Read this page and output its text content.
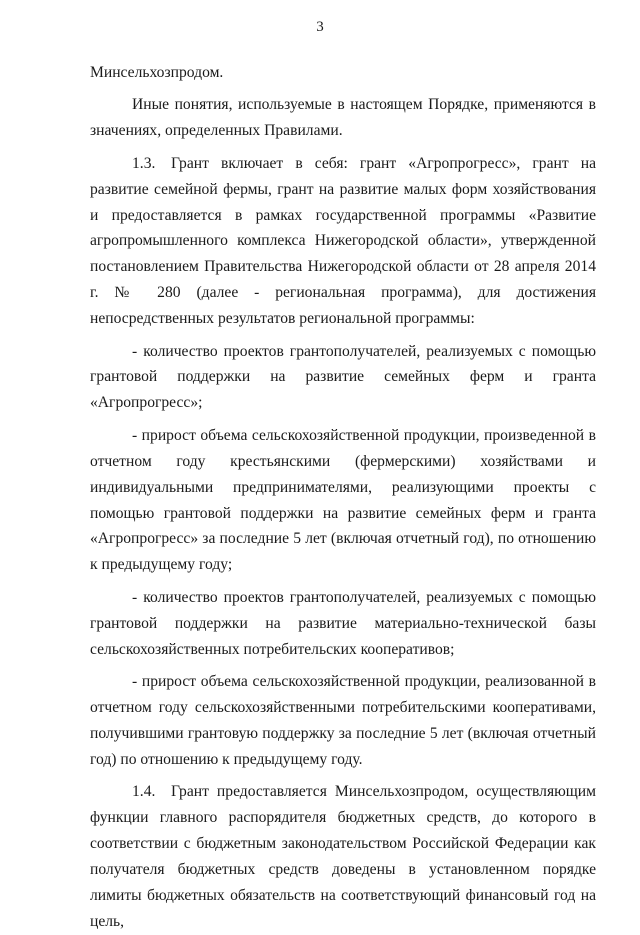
3

Минсельхозпродом.

Иные понятия, используемые в настоящем Порядке, применяются в значениях, определенных Правилами.

1.3. Грант включает в себя: грант «Агропрогресс», грант на развитие семейной фермы, грант на развитие малых форм хозяйствования и предоставляется в рамках государственной программы «Развитие агропромышленного комплекса Нижегородской области», утвержденной постановлением Правительства Нижегородской области от 28 апреля 2014 г. № 280 (далее - региональная программа), для достижения непосредственных результатов региональной программы:

- количество проектов грантополучателей, реализуемых с помощью грантовой поддержки на развитие семейных ферм и гранта «Агропрогресс»;

- прирост объема сельскохозяйственной продукции, произведенной в отчетном году крестьянскими (фермерскими) хозяйствами и индивидуальными предпринимателями, реализующими проекты с помощью грантовой поддержки на развитие семейных ферм и гранта «Агропрогресс» за последние 5 лет (включая отчетный год), по отношению к предыдущему году;

- количество проектов грантополучателей, реализуемых с помощью грантовой поддержки на развитие материально-технической базы сельскохозяйственных потребительских кооперативов;

- прирост объема сельскохозяйственной продукции, реализованной в отчетном году сельскохозяйственными потребительскими кооперативами, получившими грантовую поддержку за последние 5 лет (включая отчетный год) по отношению к предыдущему году.

1.4. Грант предоставляется Минсельхозпродом, осуществляющим функции главного распорядителя бюджетных средств, до которого в соответствии с бюджетным законодательством Российской Федерации как получателя бюджетных средств доведены в установленном порядке лимиты бюджетных обязательств на соответствующий финансовый год на цель,
